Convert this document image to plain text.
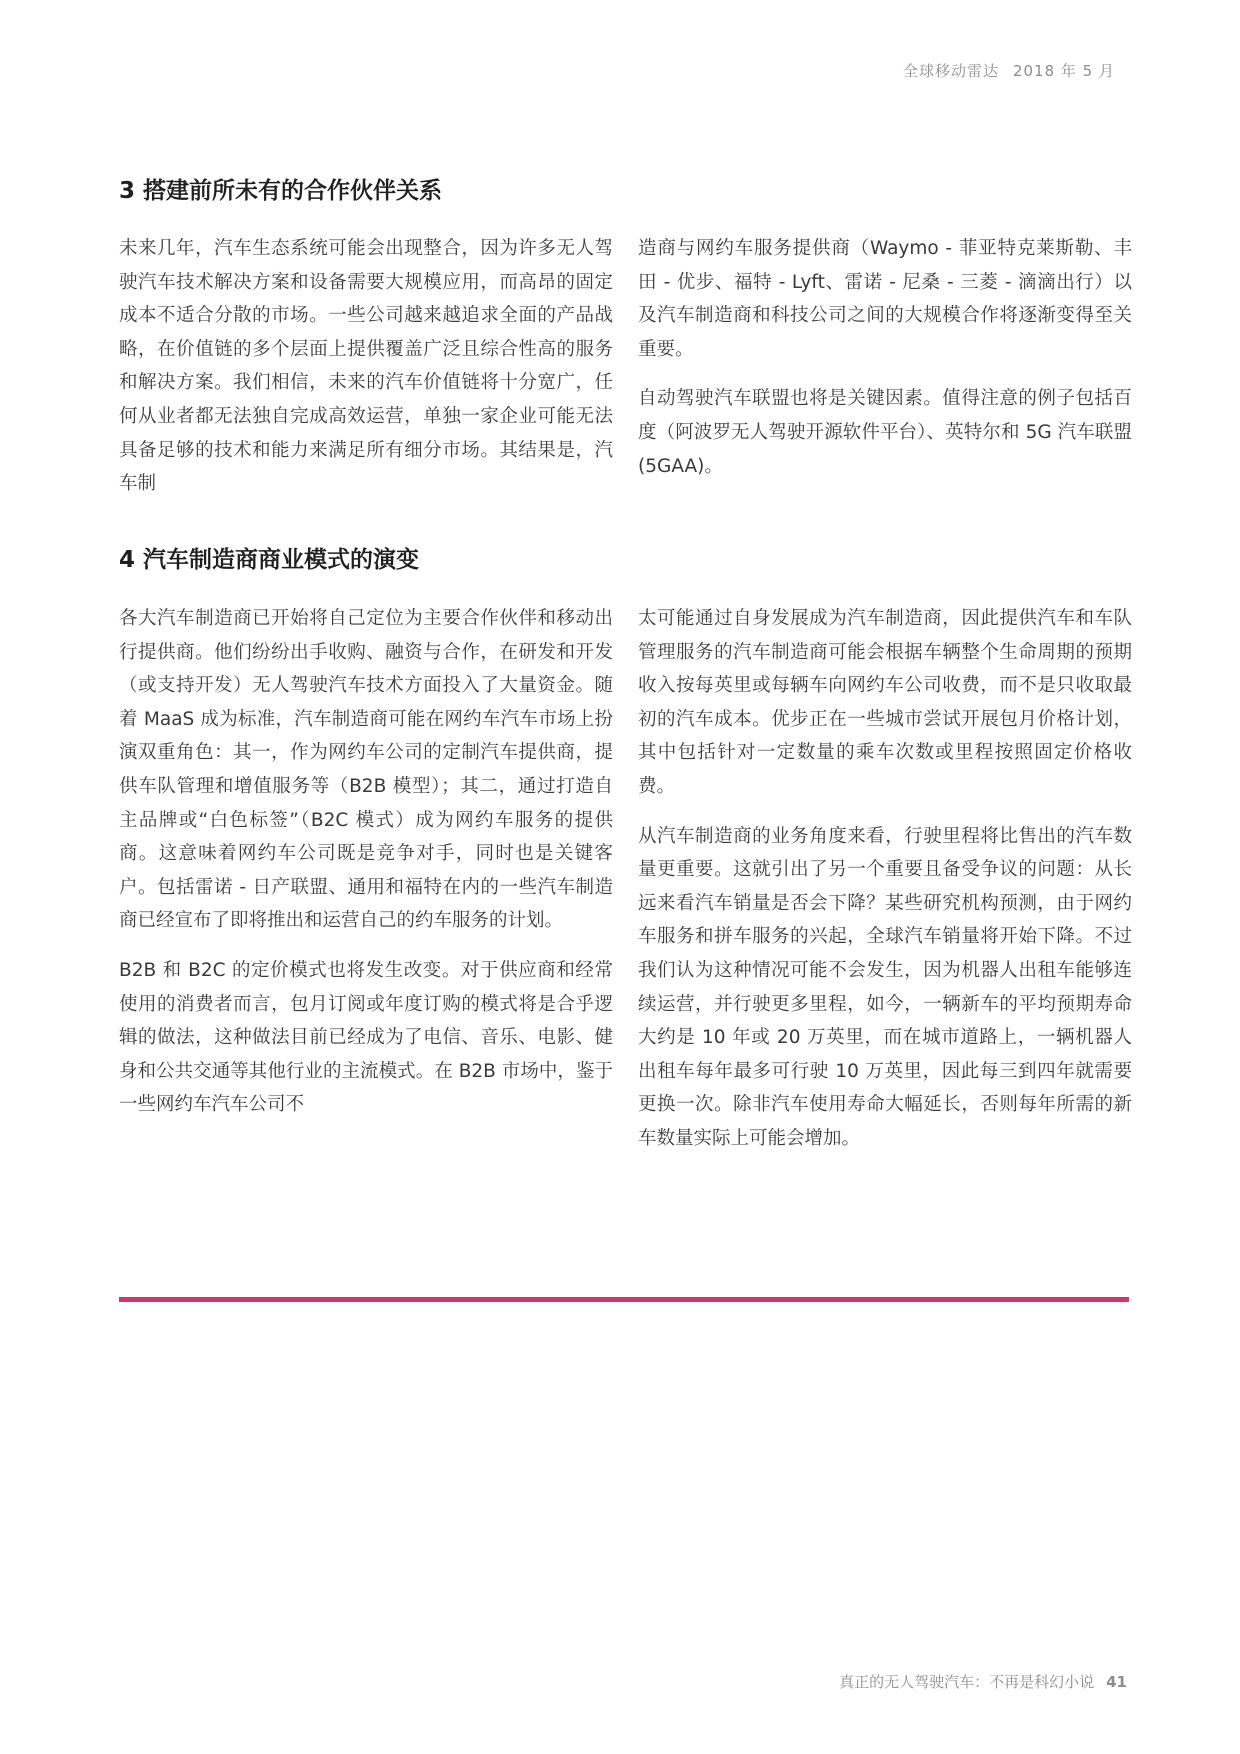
全球移动雷达 2018 年 5 月
3 搭建前所未有的合作伙伴关系

未来几年，汽车生态系统可能会出现整合，因为许多无人驾驶汽车技术解决方案和设备需要大规模应用，而高昂的固定成本不适合分散的市场。一些公司越来越追求全面的产品战略，在价值链的多个层面上提供覆盖广泛且综合性高的服务和解决方案。我们相信，未来的汽车价值链将十分宽广，任何从业者都无法独自完成高效运营，单独一家企业可能无法具备足够的技术和能力来满足所有细分市场。其结果是，汽车制

造商与网约车服务提供商（Waymo - 菲亚特克莱斯勒、丰田 - 优步、福特 - Lyft、雷诺 - 尼桑 - 三菱 - 滴滴出行）以及汽车制造商和科技公司之间的大规模合作将逐渐变得至关重要。

自动驾驶汽车联盟也将是关键因素。值得注意的例子包括百度（阿波罗无人驾驶开源软件平台）、英特尔和 5G 汽车联盟 (5GAA)。

4 汽车制造商商业模式的演变

各大汽车制造商已开始将自己定位为主要合作伙伴和移动出行提供商。他们纷纷出手收购、融资与合作，在研发和开发（或支持开发）无人驾驶汽车技术方面投入了大量资金。随着 MaaS 成为标准，汽车制造商可能在网约车汽车市场上扮演双重角色：其一，作为网约车公司的定制汽车提供商，提供车队管理和增值服务等（B2B 模型）；其二，通过打造自主品牌或“白色标签”（B2C 模式）成为网约车服务的提供商。这意味着网约车公司既是竞争对手，同时也是关键客户。包括雷诺 - 日产联盟、通用和福特在内的一些汽车制造商已经宣布了即将推出和运营自己的约车服务的计划。

B2B 和 B2C 的定价模式也将发生改变。对于供应商和经常使用的消费者而言，包月订阅或年度订购的模式将是合乎逻辑的做法，这种做法目前已经成为了电信、音乐、电影、健身和公共交通等其他行业的主流模式。在 B2B 市场中，鉴于一些网约车汽车公司不

太可能通过自身发展成为汽车制造商，因此提供汽车和车队管理服务的汽车制造商可能会根据车辆整个生命周期的预期收入按每英里或每辆车向网约车公司收费，而不是只收取最初的汽车成本。优步正在一些城市尝试开展包月价格计划，其中包括针对一定数量的乘车次数或里程按照固定价格收费。

从汽车制造商的业务角度来看，行驶里程将比售出的汽车数量更重要。这就引出了另一个重要且备受争议的问题：从长远来看汽车销量是否会下降？某些研究机构预测，由于网约车服务和拼车服务的兴起，全球汽车销量将开始下降。不过我们认为这种情况可能不会发生，因为机器人出租车能够连续运营，并行驶更多里程，如今，一辆新车的平均预期寿命大约是 10 年或 20 万英里，而在城市道路上，一辆机器人出租车每年最多可行驶 10 万英里，因此每三到四年就需要更换一次。除非汽车使用寿命大幅延长，否则每年所需的新车数量实际上可能会增加。

真正的无人驾驶汽车：不再是科幻小说 41
